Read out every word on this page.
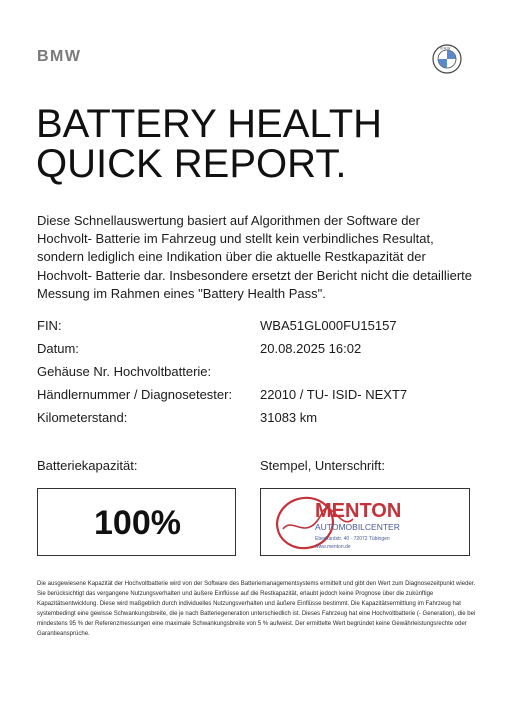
BMW	B M W
BATTERY HEALTH
QUICK REPORT.
Diese Schnellauswertung basiert auf Algorithmen der Software der Hochvolt- Batterie im Fahrzeug und stellt kein verbindliches Resultat, sondern lediglich eine Indikation über die aktuelle Restkapazität der Hochvolt- Batterie dar. Insbesondere ersetzt der Bericht nicht die detaillierte Messung im Rahmen eines "Battery Health Pass".
FIN:	WBA51GL000FU15157
Datum:	20.08.2025 16:02
Gehäuse Nr. Hochvoltbatterie:
Händlernummer / Diagnosetester: 22010 / TU- ISID- NEXT7
Kilometerstand:	31083 km
Batteriekapazität:	Stempel, Unterschrift:
100%	MENTON
AUTOMOBILCENTER
Eberhardstr. 40 · 72072 Tübingen
www.menton.de
Die ausgewiesene Kapazität der Hochvoltbatterie wird von der Software des Batteriemanagementsystems ermittelt und gibt den Wert zum Diagnosezeitpunkt wieder. Sie berücksichtigt das vergangene Nutzungsverhalten und äußere Einflüsse auf die Restkapazität, erlaubt jedoch keine Prognose über die zukünftige Kapazitätsentwicklung. Diese wird maßgeblich durch individuelles Nutzungsverhalten und äußere Einflüsse bestimmt. Die Kapazitätsermittlung im Fahrzeug hat systembedingt eine gewisse Schwankungsbreite, die je nach Batteriegeneration unterschiedlich ist. Dieses Fahrzeug hat eine Hochvoltbatterie (- Generation), die bei mindestens 95 % der Referenzmessungen eine maximale Schwankungsbreite von 5 % aufweist. Der ermittelte Wert begründet keine Gewährleistungsrechte oder Garantieansprüche.
